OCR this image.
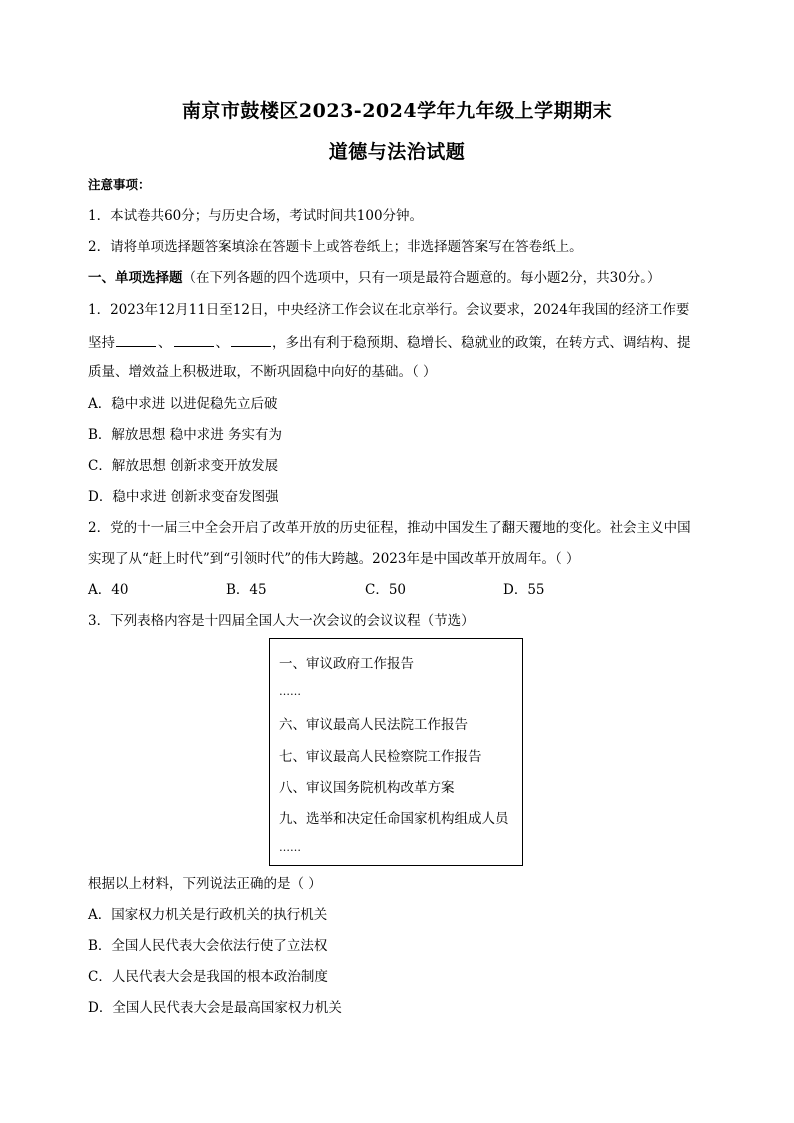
南京市鼓楼区2023-2024学年九年级上学期期末
道德与法治试题
注意事项：
1．本试卷共60分；与历史合场，考试时间共100分钟。
2．请将单项选择题答案填涂在答题卡上或答卷纸上；非选择题答案写在答卷纸上。
一、单项选择题（在下列各题的四个选项中，只有一项是最符合题意的。每小题2分，共30分。）
1．2023年12月11日至12日，中央经济工作会议在北京举行。会议要求，2024年我国的经济工作要
坚持	、	、	，多出有利于稳预期、稳增长、稳就业的政策，在转方式、调结构、提
质量、增效益上积极进取，不断巩固稳中向好的基础。（ ）
A．稳中求进 以进促稳先立后破
B．解放思想 稳中求进 务实有为
C．解放思想 创新求变开放发展
D．稳中求进 创新求变奋发图强
2．党的十一届三中全会开启了改革开放的历史征程，推动中国发生了翻天覆地的变化。社会主义中国
实现了从“赶上时代”到“引领时代”的伟大跨越。2023年是中国改革开放周年。（ ）
A．40	B．45	C．50	D．55
3．下列表格内容是十四届全国人大一次会议的会议议程（节选）
一、审议政府工作报告
……
六、审议最高人民法院工作报告
七、审议最高人民检察院工作报告
八、审议国务院机构改革方案
九、选举和决定任命国家机构组成人员
……
根据以上材料，下列说法正确的是（ ）
A．国家权力机关是行政机关的执行机关
B．全国人民代表大会依法行使了立法权
C．人民代表大会是我国的根本政治制度
D．全国人民代表大会是最高国家权力机关
